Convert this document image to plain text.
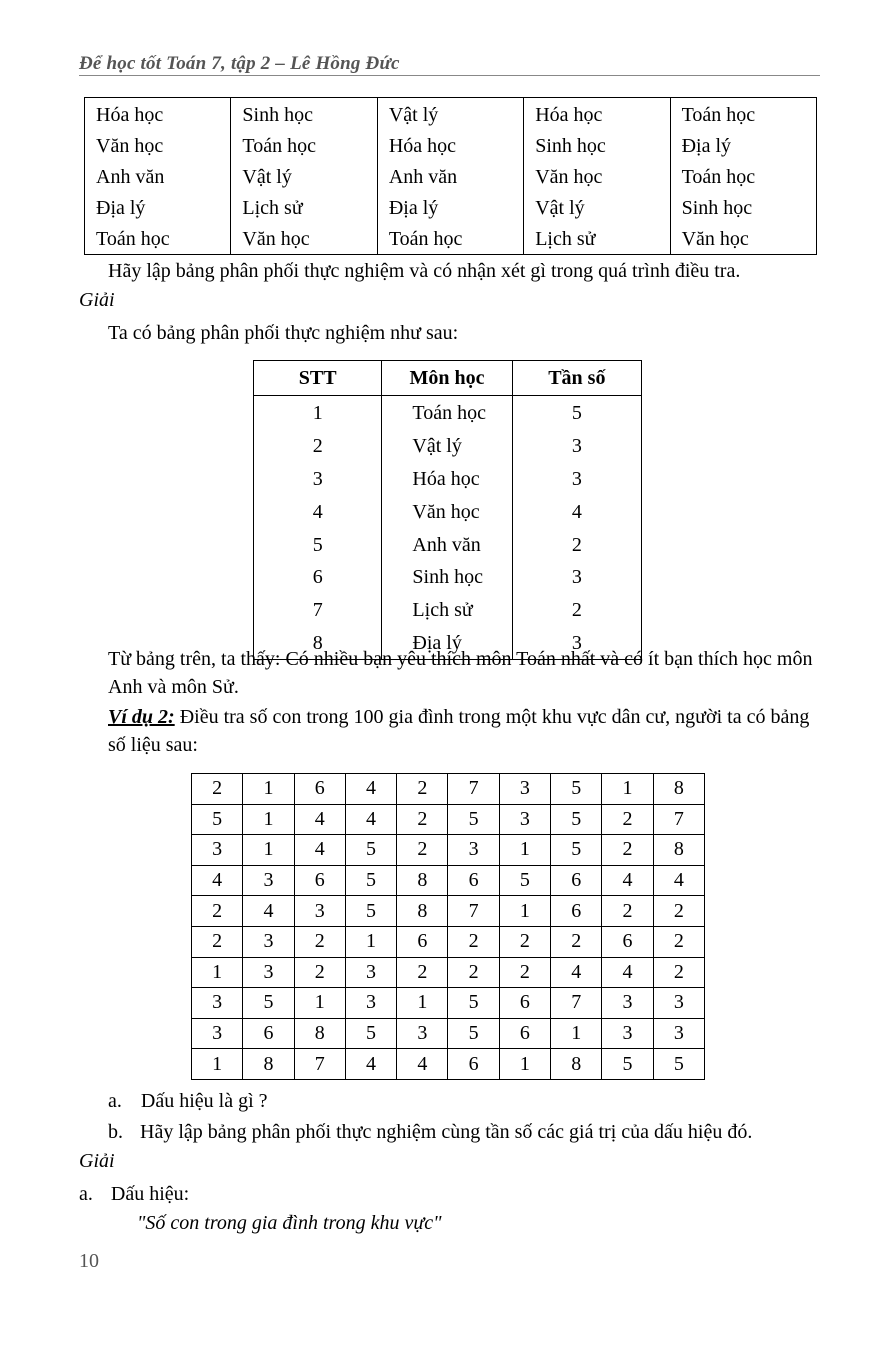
Để học tốt Toán 7, tập 2 – Lê Hồng Đức
Hóa học	Sinh học	Vật lý	Hóa học	Toán học
Văn học	Toán học	Hóa học	Sinh học	Địa lý
Anh văn	Vật lý	Anh văn	Văn học	Toán học
Địa lý	Lịch sử	Địa lý	Vật lý	Sinh học
Toán học	Văn học	Toán học	Lịch sử	Văn học
Hãy lập bảng phân phối thực nghiệm và có nhận xét gì trong quá trình điều tra.
Giải
Ta có bảng phân phối thực nghiệm như sau:
STT	Môn học	Tần số
1	Toán học	5
2	Vật lý	3
3	Hóa học	3
4	Văn học	4
5	Anh văn	2
6	Sinh học	3
7	Lịch sử	2
8	Địa lý	3
Từ bảng trên, ta thấy: Có nhiều bạn yêu thích môn Toán nhất và có ít bạn thích học môn Anh và môn Sử.
Ví dụ 2: Điều tra số con trong 100 gia đình trong một khu vực dân cư, người ta có bảng số liệu sau:
2	1	6	4	2	7	3	5	1	8
5	1	4	4	2	5	3	5	2	7
3	1	4	5	2	3	1	5	2	8
4	3	6	5	8	6	5	6	4	4
2	4	3	5	8	7	1	6	2	2
2	3	2	1	6	2	2	2	6	2
1	3	2	3	2	2	2	4	4	2
3	5	1	3	1	5	6	7	3	3
3	6	8	5	3	5	6	1	3	3
1	8	7	4	4	6	1	8	5	5
a. Dấu hiệu là gì ?
b. Hãy lập bảng phân phối thực nghiệm cùng tần số các giá trị của dấu hiệu đó.
Giải
a. Dấu hiệu:
"Số con trong gia đình trong khu vực"
10
